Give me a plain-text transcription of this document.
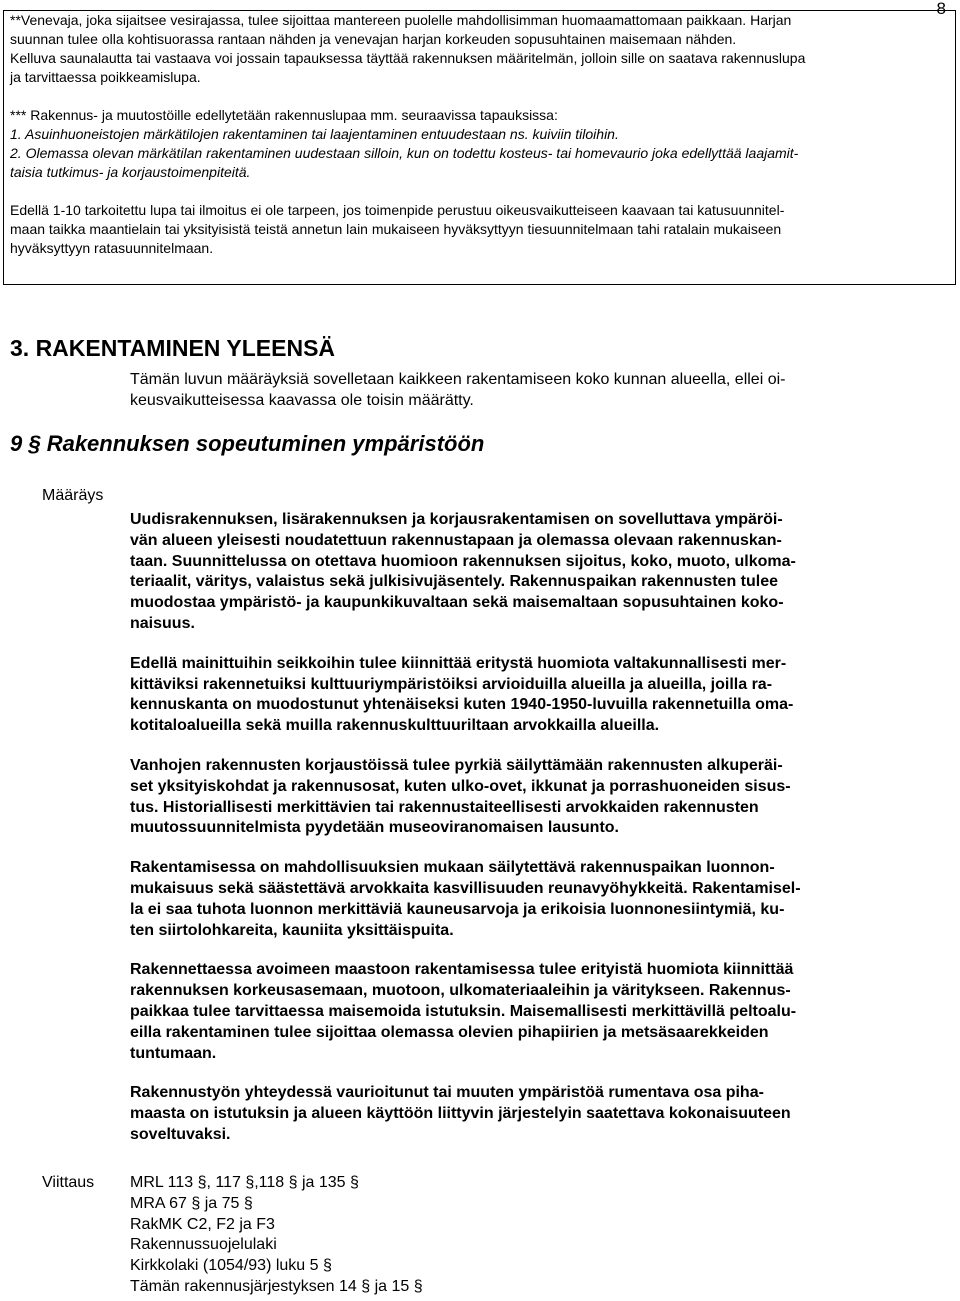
8

**Venevaja, joka sijaitsee vesirajassa, tulee sijoittaa mantereen puolelle mahdollisimman huomaamattomaan paikkaan. Harjan

suunnan tulee olla kohtisuorassa rantaan nähden ja venevajan harjan korkeuden sopusuhtainen maisemaan nähden.

Kelluva saunalautta tai vastaava voi jossain tapauksessa täyttää rakennuksen määritelmän, jolloin sille on saatava rakennuslupa

ja tarvittaessa poikkeamislupa.

*** Rakennus- ja muutostöille edellytetään rakennuslupaa mm. seuraavissa tapauksissa:

1. Asuinhuoneistojen märkätilojen rakentaminen tai laajentaminen entuudestaan ns. kuiviin tiloihin.

2. Olemassa olevan märkätilan rakentaminen uudestaan silloin, kun on todettu kosteus- tai homevaurio joka edellyttää laajamit-

taisia tutkimus- ja korjaustoimenpiteitä.

Edellä 1-10 tarkoitettu lupa tai ilmoitus ei ole tarpeen, jos toimenpide perustuu oikeusvaikutteiseen kaavaan tai katusuunnitel-

maan taikka maantielain tai yksityisistä teistä annetun lain mukaiseen hyväksyttyyn tiesuunnitelmaan tahi ratalain mukaiseen

hyväksyttyyn ratasuunnitelmaan.

3. RAKENTAMINEN YLEENSÄ
Tämän luvun määräyksiä sovelletaan kaikkeen rakentamiseen koko kunnan alueella, ellei oi-
keusvaikutteisessa kaavassa ole toisin määrätty.
9 § Rakennuksen sopeutuminen ympäristöön
Määräys

Uudisrakennuksen, lisärakennuksen ja korjausrakentamisen on sovelluttava ympäröi-
vän alueen yleisesti noudatettuun rakennustapaan ja olemassa olevaan rakennuskan-
taan. Suunnittelussa on otettava huomioon rakennuksen sijoitus, koko, muoto, ulkoma-
teriaalit, väritys, valaistus sekä julkisivujäsentely. Rakennuspaikan rakennusten tulee
muodostaa ympäristö- ja kaupunkikuvaltaan sekä maisemaltaan sopusuhtainen koko-
naisuus.

Edellä mainittuihin seikkoihin tulee kiinnittää eritystä huomiota valtakunnallisesti mer-
kittäviksi rakennetuiksi kulttuuriympäristöiksi arvioiduilla alueilla ja alueilla, joilla ra-
kennuskanta on muodostunut yhtenäiseksi kuten 1940-1950-luvuilla rakennetuilla oma-
kotitaloalueilla sekä muilla rakennuskulttuuriltaan arvokkailla alueilla.

Vanhojen rakennusten korjaustöissä tulee pyrkiä säilyttämään rakennusten alkuperäi-
set yksityiskohdat ja rakennusosat, kuten ulko-ovet, ikkunat ja porrashuoneiden sisus-
tus. Historiallisesti merkittävien tai rakennustaiteellisesti arvokkaiden rakennusten
muutossuunnitelmista pyydetään museoviranomaisen lausunto.

Rakentamisessa on mahdollisuuksien mukaan säilytettävä rakennuspaikan luonnon-
mukaisuus sekä säästettävä arvokkaita kasvillisuuden reunavyöhykkeitä. Rakentamisel-
la ei saa tuhota luonnon merkittäviä kauneusarvoja ja erikoisia luonnonesiintymiä, ku-
ten siirtolohkareita, kauniita yksittäispuita.

Rakennettaessa avoimeen maastoon rakentamisessa tulee erityistä huomiota kiinnittää
rakennuksen korkeusasemaan, muotoon, ulkomateriaaleihin ja väritykseen. Rakennus-
paikkaa tulee tarvittaessa maisemoida istutuksin. Maisemallisesti merkittävillä peltoalu-
eilla rakentaminen tulee sijoittaa olemassa olevien pihapiirien ja metsäsaarekkeiden
tuntumaan.

Rakennustyön yhteydessä vaurioitunut tai muuten ympäristöä rumentava osa piha-
maasta on istutuksin ja alueen käyttöön liittyvin järjestelyin saatettava kokonaisuuteen
soveltuvaksi.

Viittaus MRL 113 §, 117 §,118 § ja 135 §
MRA 67 § ja 75 §
RakMK C2, F2 ja F3
Rakennussuojelulaki
Kirkkolaki (1054/93) luku 5 §
Tämän rakennusjärjestyksen 14 § ja 15 §
